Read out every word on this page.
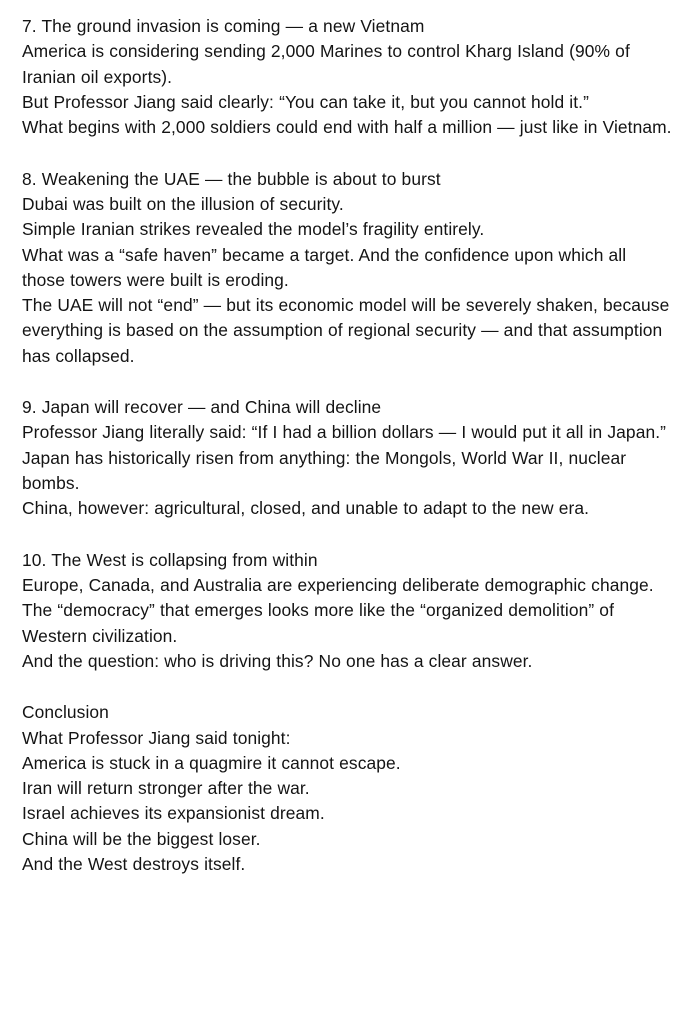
7. The ground invasion is coming — a new Vietnam
America is considering sending 2,000 Marines to control Kharg Island (90% of Iranian oil exports).
But Professor Jiang said clearly: “You can take it, but you cannot hold it.”
What begins with 2,000 soldiers could end with half a million — just like in Vietnam.
8. Weakening the UAE — the bubble is about to burst
Dubai was built on the illusion of security.
Simple Iranian strikes revealed the model’s fragility entirely.
What was a “safe haven” became a target. And the confidence upon which all those towers were built is eroding.
The UAE will not “end” — but its economic model will be severely shaken, because everything is based on the assumption of regional security — and that assumption has collapsed.
9. Japan will recover — and China will decline
Professor Jiang literally said: “If I had a billion dollars — I would put it all in Japan.”
Japan has historically risen from anything: the Mongols, World War II, nuclear bombs.
China, however: agricultural, closed, and unable to adapt to the new era.
10. The West is collapsing from within
Europe, Canada, and Australia are experiencing deliberate demographic change.
The “democracy” that emerges looks more like the “organized demolition” of Western civilization.
And the question: who is driving this? No one has a clear answer.
Conclusion
What Professor Jiang said tonight:
America is stuck in a quagmire it cannot escape.
Iran will return stronger after the war.
Israel achieves its expansionist dream.
China will be the biggest loser.
And the West destroys itself.
